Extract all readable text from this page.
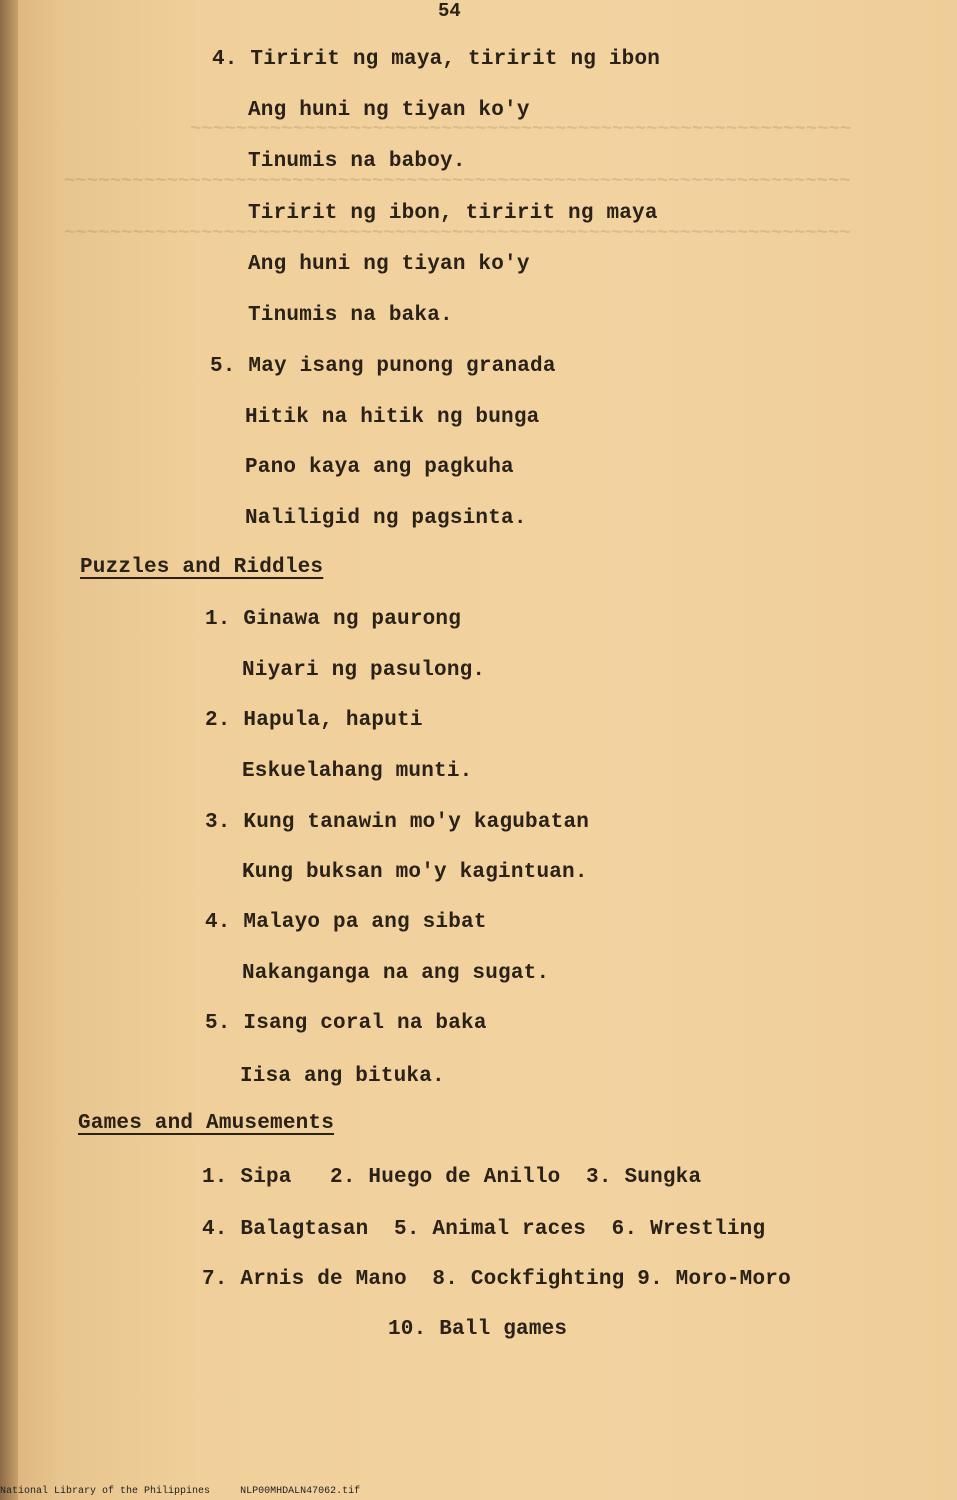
~~~~~~~~~~~~~~~~~~~~~~~~~~~~~~~~~~~~~~~~~~~~~~~~~~~~~~~~~~
~~~~~~~~~~~~~~~~~~~~~~~~~~~~~~~~~~~~~~~~~~~~~~~~~~~~~~~~~~~~~~~~~~~~~
~~~~~~~~~~~~~~~~~~~~~~~~~~~~~~~~~~~~~~~~~~~~~~~~~~~~~~~~~~~~~~~~~~~~~
54
4. Tiririt ng maya, tiririt ng ibon
Ang huni ng tiyan ko'y
Tinumis na baboy.
Tiririt ng ibon, tiririt ng maya
Ang huni ng tiyan ko'y
Tinumis na baka.
5. May isang punong granada
Hitik na hitik ng bunga
Pano kaya ang pagkuha
Naliligid ng pagsinta.
Puzzles and Riddles
1. Ginawa ng paurong
Niyari ng pasulong.
2. Hapula, haputi
Eskuelahang munti.
3. Kung tanawin mo'y kagubatan
Kung buksan mo'y kagintuan.
4. Malayo pa ang sibat
Nakanganga na ang sugat.
5. Isang coral na baka
Iisa ang bituka.
Games and Amusements
1. Sipa   2. Huego de Anillo  3. Sungka
4. Balagtasan  5. Animal races  6. Wrestling
7. Arnis de Mano  8. Cockfighting 9. Moro-Moro
10. Ball games
National Library of the Philippines	NLP00MHDALN47062.tif
